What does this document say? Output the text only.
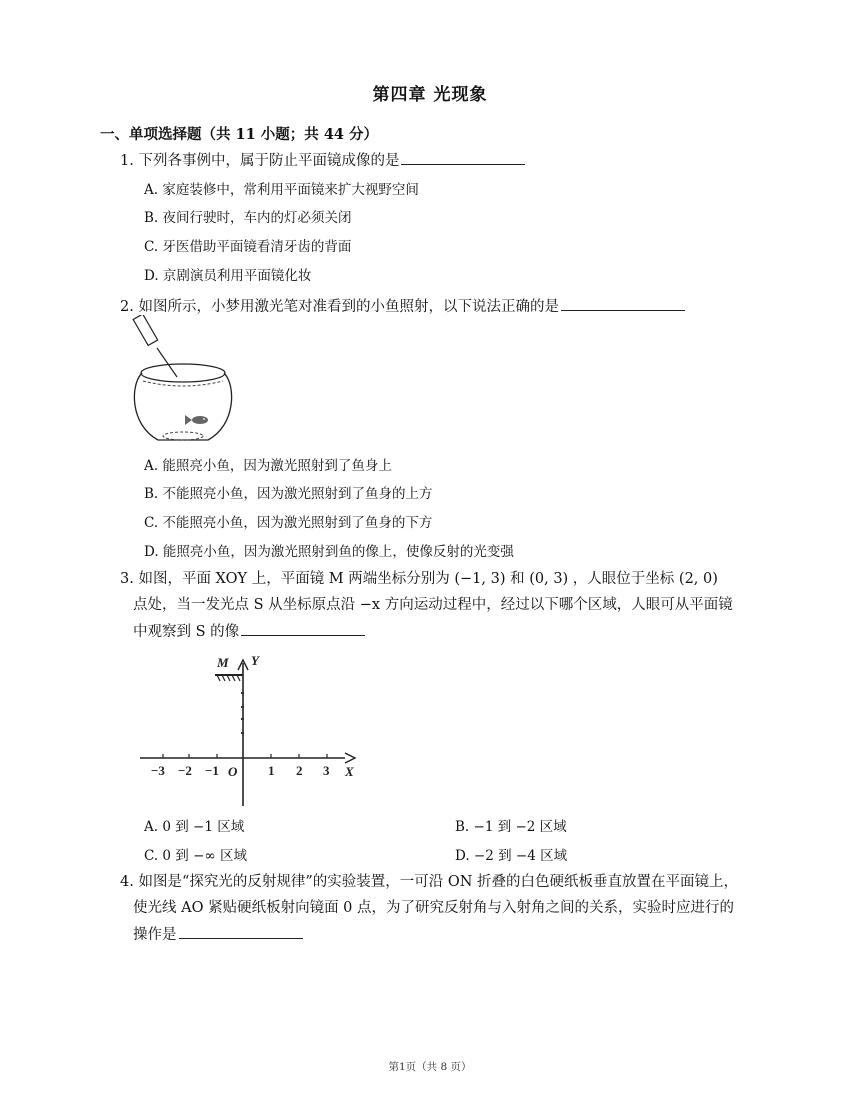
第四章 光现象
一、单项选择题（共 11 小题；共 44 分）
1. 下列各事例中，属于防止平面镜成像的是
A. 家庭装修中，常利用平面镜来扩大视野空间
B. 夜间行驶时，车内的灯必须关闭
C. 牙医借助平面镜看清牙齿的背面
D. 京剧演员利用平面镜化妆
2. 如图所示，小梦用激光笔对准看到的小鱼照射，以下说法正确的是
A. 能照亮小鱼，因为激光照射到了鱼身上
B. 不能照亮小鱼，因为激光照射到了鱼身的上方
C. 不能照亮小鱼，因为激光照射到了鱼身的下方
D. 能照亮小鱼，因为激光照射到鱼的像上，使像反射的光变强
3. 如图，平面 XOY 上，平面镜 M 两端坐标分别为 (−1, 3) 和 (0, 3) ，人眼位于坐标 (2, 0)
点处，当一发光点 S 从坐标原点沿 −x 方向运动过程中，经过以下哪个区域，人眼可从平面镜
中观察到 S 的像
M Y
X
O
−3 −2 −1	1 2 3
A. 0 到 −1 区域	B. −1 到 −2 区域
C. 0 到 −∞ 区域	D. −2 到 −4 区域
4. 如图是“探究光的反射规律”的实验装置，一可沿 ON 折叠的白色硬纸板垂直放置在平面镜上，
使光线 AO 紧贴硬纸板射向镜面 0 点，为了研究反射角与入射角之间的关系，实验时应进行的
操作是
第1页（共 8 页）
